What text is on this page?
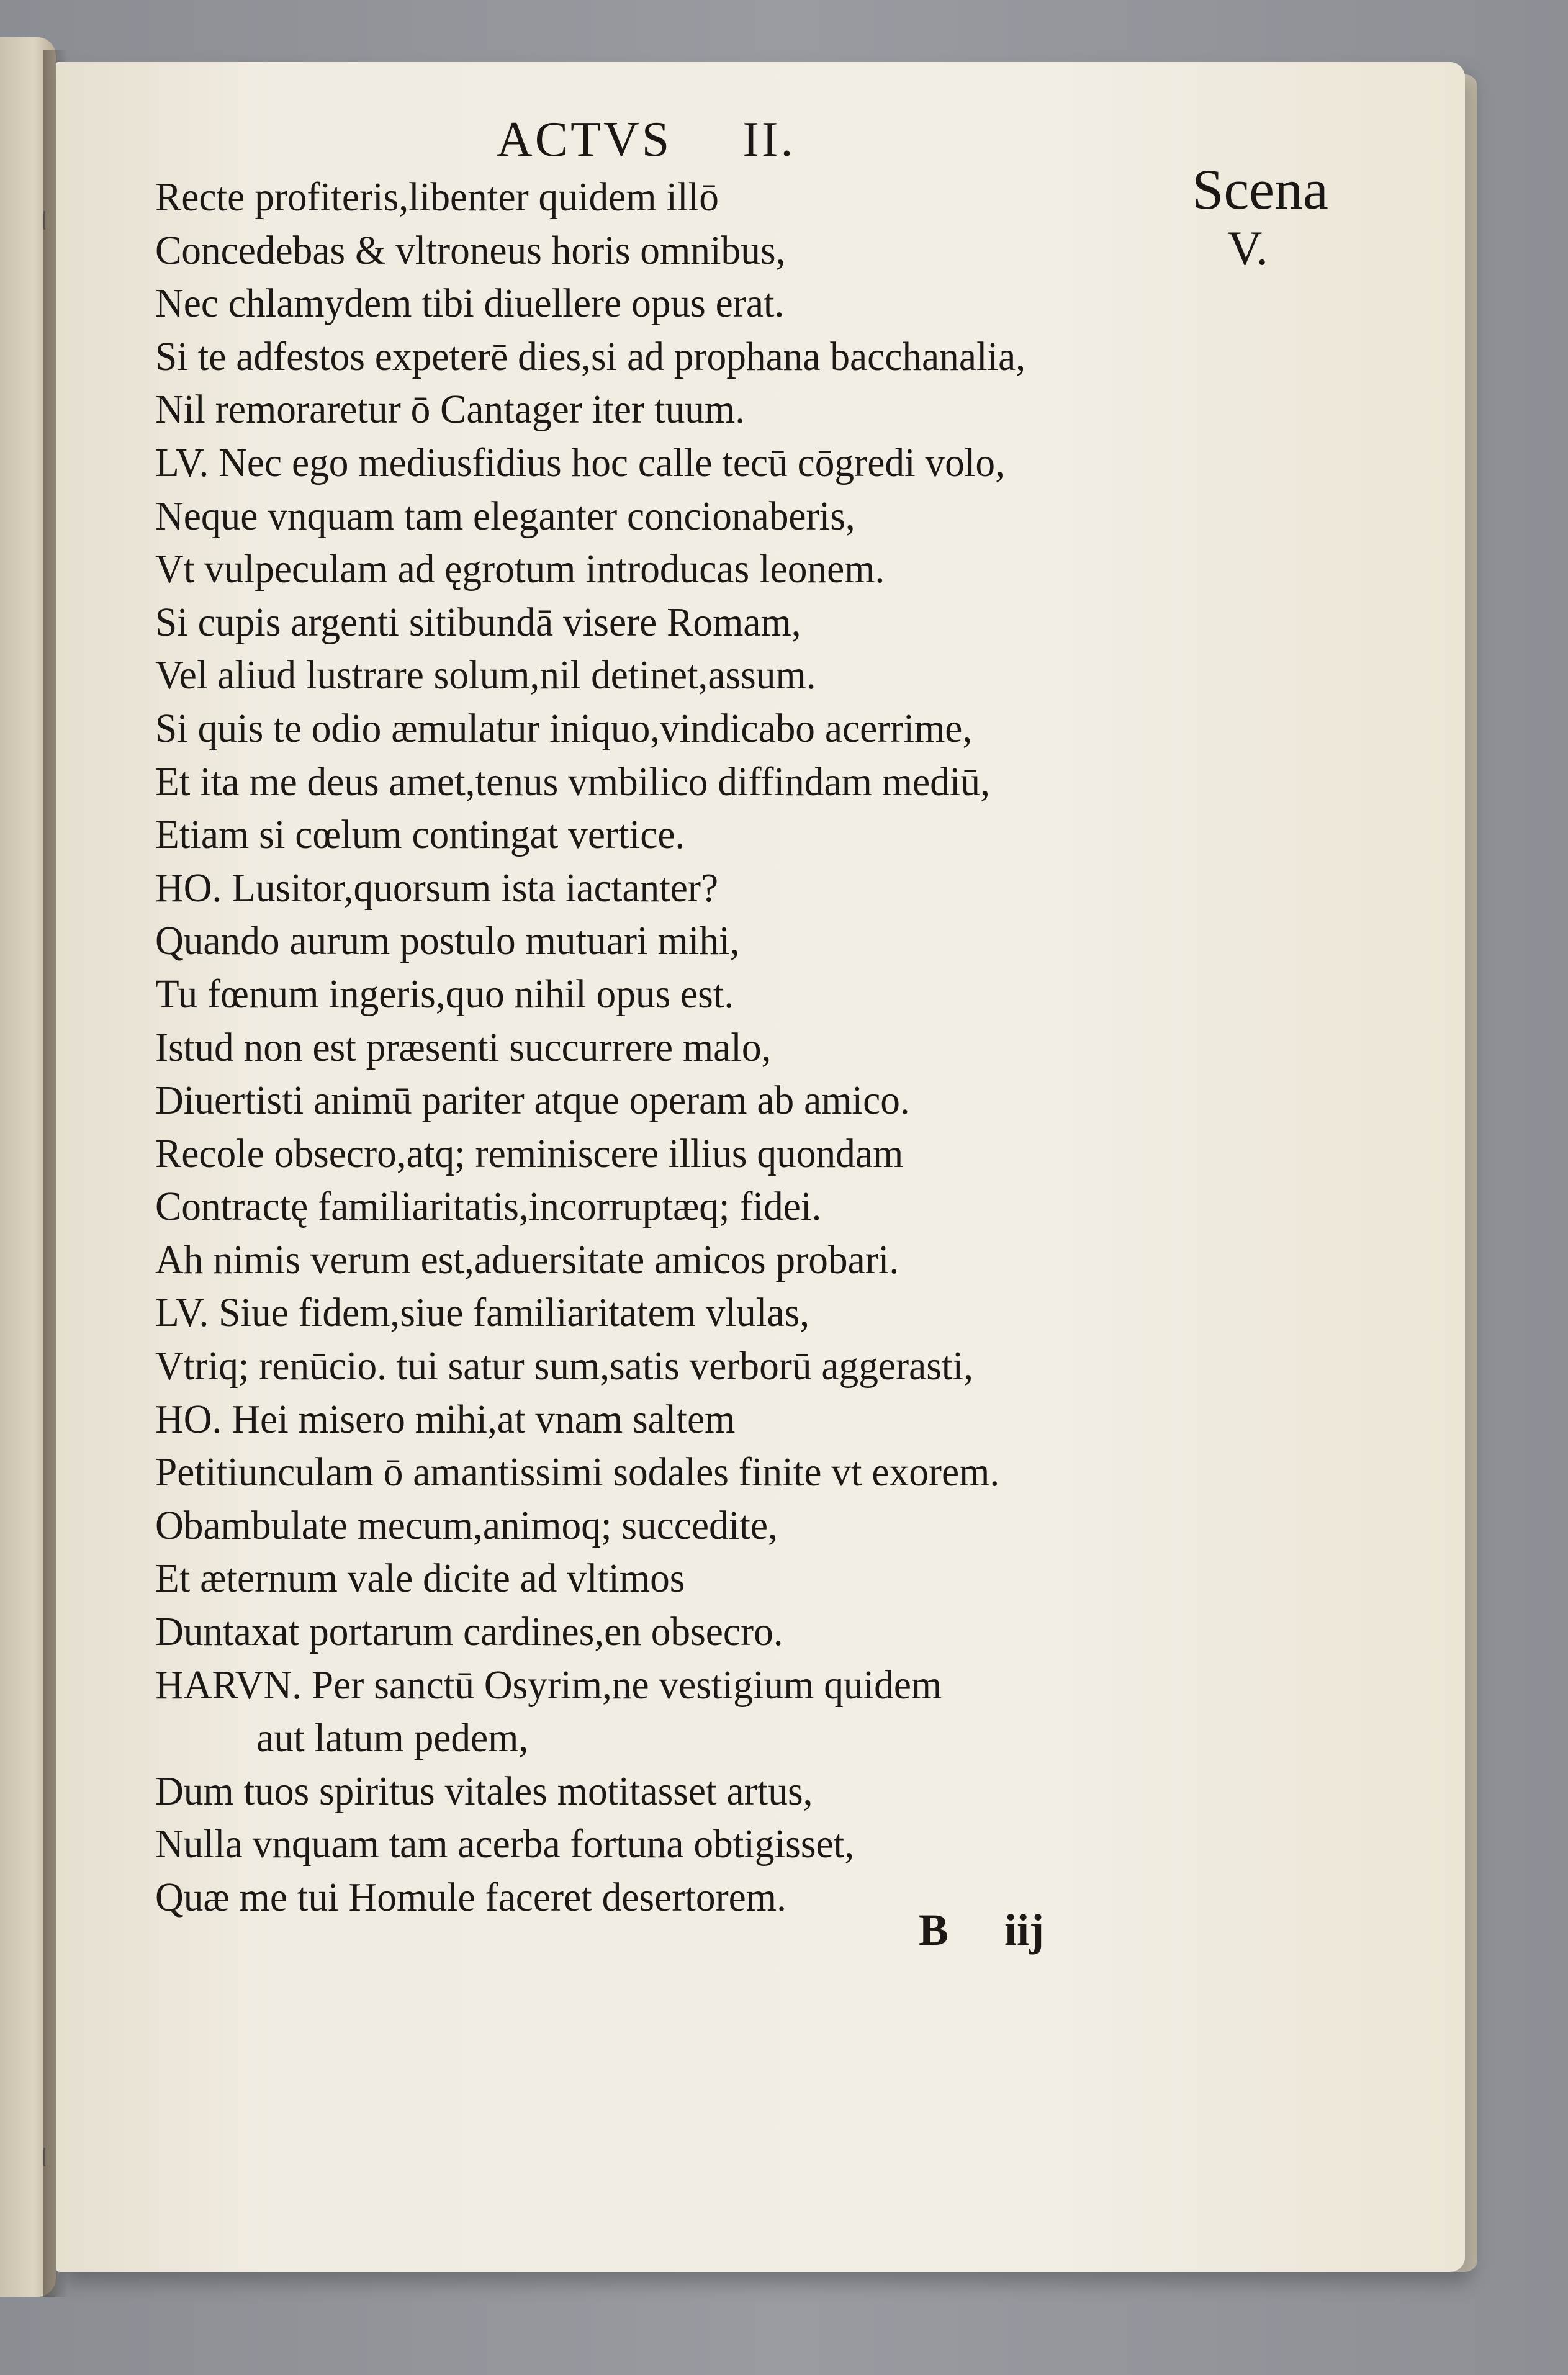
ACTVS II.
Scena
V.
Recte profiteris,libenter quidem illō
Concedebas & vltroneus horis omnibus,
Nec chlamydem tibi diuellere opus erat.
Si te adfestos expeterē dies,si ad prophana bacchanalia,
Nil remoraretur ō Cantager iter tuum.
LV. Nec ego mediusfidius hoc calle tecū cōgredi volo,
Neque vnquam tam eleganter concionaberis,
Vt vulpeculam ad ęgrotum introducas leonem.
Si cupis argenti sitibundā visere Romam,
Vel aliud lustrare solum,nil detinet,assum.
Si quis te odio æmulatur iniquo,vindicabo acerrime,
Et ita me deus amet,tenus vmbilico diffindam mediū,
Etiam si cœlum contingat vertice.
HO. Lusitor,quorsum ista iactanter?
Quando aurum postulo mutuari mihi,
Tu fœnum ingeris,quo nihil opus est.
Istud non est præsenti succurrere malo,
Diuertisti animū pariter atque operam ab amico.
Recole obsecro,atq; reminiscere illius quondam
Contractę familiaritatis,incorruptæq; fidei.
Ah nimis verum est,aduersitate amicos probari.
LV. Siue fidem,siue familiaritatem vlulas,
Vtriq; renūcio. tui satur sum,satis verborū aggerasti,
HO. Hei misero mihi,at vnam saltem
Petitiunculam ō amantissimi sodales finite vt exorem.
Obambulate mecum,animoq; succedite,
Et æternum vale dicite ad vltimos
Duntaxat portarum cardines,en obsecro.
HARVN. Per sanctū Osyrim,ne vestigium quidem
aut latum pedem,
Dum tuos spiritus vitales motitasset artus,
Nulla vnquam tam acerba fortuna obtigisset,
Quæ me tui Homule faceret desertorem.
B iij
